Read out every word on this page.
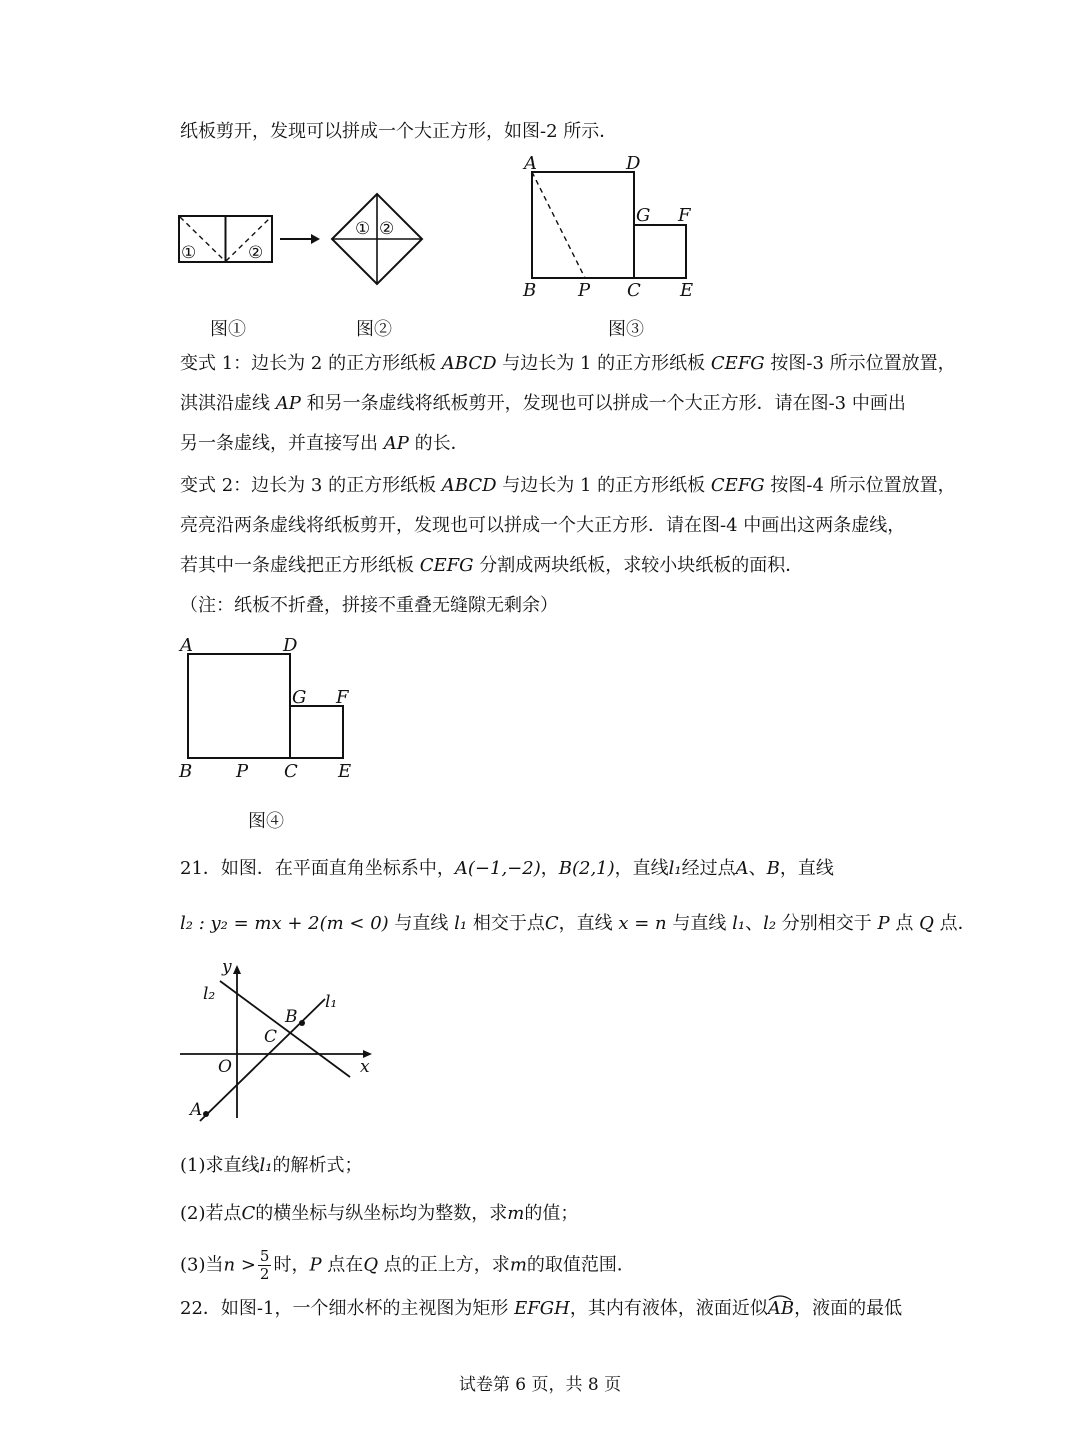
纸板剪开，发现可以拼成一个大正方形，如图-2 所示．
①	②
① ②
A	D
G F
B P C E
图①	图②	图③
变式 1：边长为 2 的正方形纸板 ABCD 与边长为 1 的正方形纸板 CEFG 按图-3 所示位置放置，
淇淇沿虚线 AP 和另一条虚线将纸板剪开，发现也可以拼成一个大正方形．请在图-3 中画出
另一条虚线，并直接写出 AP 的长．
变式 2：边长为 3 的正方形纸板 ABCD 与边长为 1 的正方形纸板 CEFG 按图-4 所示位置放置，
亮亮沿两条虚线将纸板剪开，发现也可以拼成一个大正方形．请在图-4 中画出这两条虚线，
若其中一条虚线把正方形纸板 CEFG 分割成两块纸板，求较小块纸板的面积．
（注：纸板不折叠，拼接不重叠无缝隙无剩余）
A	D
G F
B P C E
图④
21．如图．在平面直角坐标系中，A(−1,−2)，B(2,1)，直线l₁经过点A、B，直线
l₂ : y₂ = mx + 2(m < 0) 与直线 l₁ 相交于点C，直线 x = n 与直线 l₁、l₂ 分别相交于 P 点 Q 点．
y
x
O
A
B
C
l₁
l₂
(1)求直线l₁的解析式；
(2)若点C的横坐标与纵坐标均为整数，求m的值；
(3)当$n > \frac{5}{2}$ 时，P 点在Q 点的正上方，求m的取值范围．
22．如图-1，一个细水杯的主视图为矩形 EFGH，其内有液体，液面近似
AB，液面的最低
试卷第 6 页，共 8 页
